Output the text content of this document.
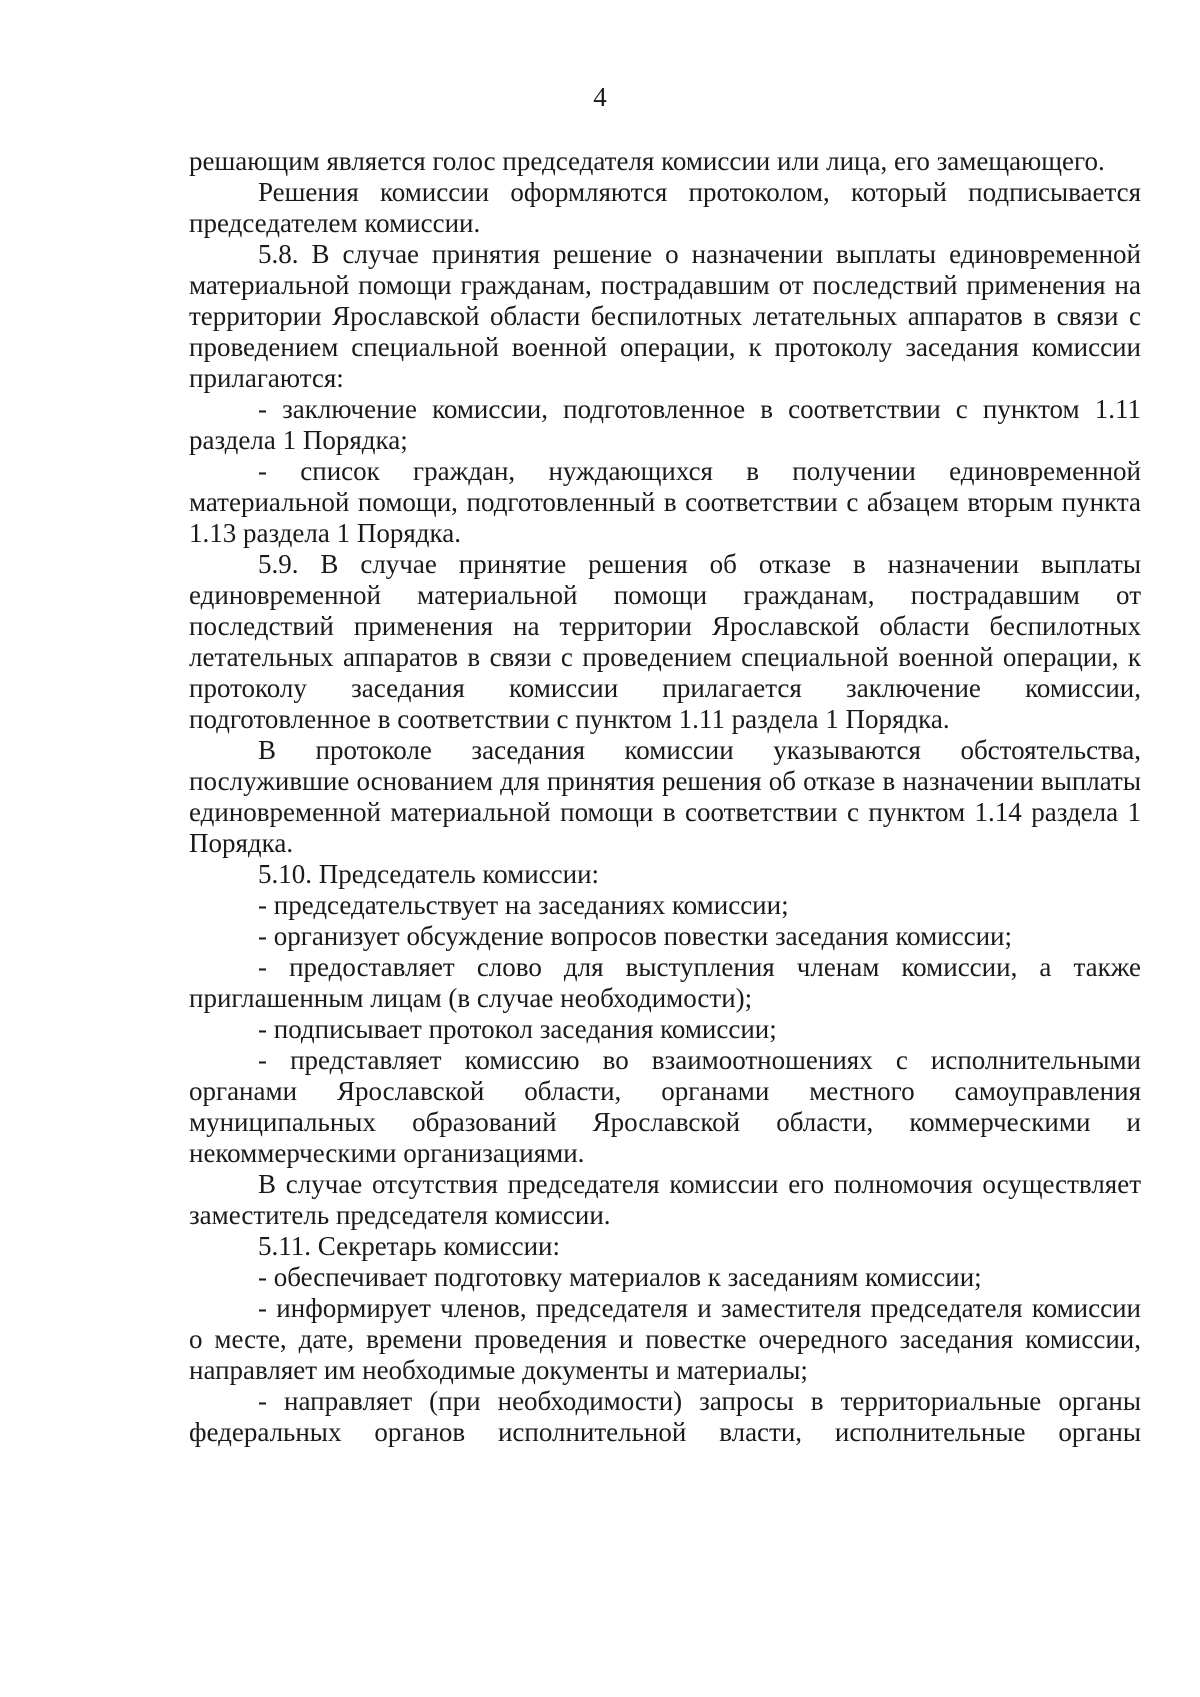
4

решающим является голос председателя комиссии или лица, его замещающего.

Решения комиссии оформляются протоколом, который подписывается председателем комиссии.

5.8. В случае принятия решение о назначении выплаты единовременной материальной помощи гражданам, пострадавшим от последствий применения на территории Ярославской области беспилотных летательных аппаратов в связи с проведением специальной военной операции, к протоколу заседания комиссии прилагаются:

- заключение комиссии, подготовленное в соответствии с пунктом 1.11 раздела 1 Порядка;

- список граждан, нуждающихся в получении единовременной материальной помощи, подготовленный в соответствии с абзацем вторым пункта 1.13 раздела 1 Порядка.

5.9. В случае принятие решения об отказе в назначении выплаты единовременной материальной помощи гражданам, пострадавшим от последствий применения на территории Ярославской области беспилотных летательных аппаратов в связи с проведением специальной военной операции, к протоколу заседания комиссии прилагается заключение комиссии, подготовленное в соответствии с пунктом 1.11 раздела 1 Порядка.

В протоколе заседания комиссии указываются обстоятельства, послужившие основанием для принятия решения об отказе в назначении выплаты единовременной материальной помощи в соответствии с пунктом 1.14 раздела 1 Порядка.

5.10. Председатель комиссии:

- председательствует на заседаниях комиссии;

- организует обсуждение вопросов повестки заседания комиссии;

- предоставляет слово для выступления членам комиссии, а также приглашенным лицам (в случае необходимости);

- подписывает протокол заседания комиссии;

- представляет комиссию во взаимоотношениях с исполнительными органами Ярославской области, органами местного самоуправления муниципальных образований Ярославской области, коммерческими и некоммерческими организациями.

В случае отсутствия председателя комиссии его полномочия осуществляет заместитель председателя комиссии.

5.11. Секретарь комиссии:

- обеспечивает подготовку материалов к заседаниям комиссии;

- информирует членов, председателя и заместителя председателя комиссии о месте, дате, времени проведения и повестке очередного заседания комиссии, направляет им необходимые документы и материалы;

- направляет (при необходимости) запросы в территориальные органы федеральных органов исполнительной власти, исполнительные органы
